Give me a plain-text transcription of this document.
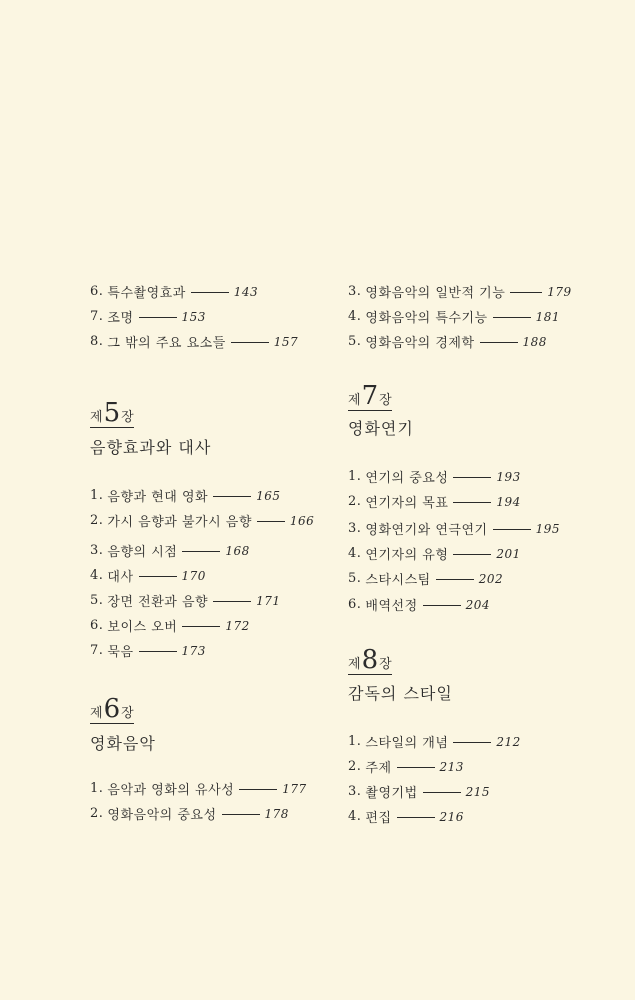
6. 특수촬영효과	143
7. 조명	153
8. 그 밖의 주요 요소들	157
제 5 장
음향효과와 대사
1. 음향과 현대 영화	165
2. 가시 음향과 불가시 음향	166
3. 음향의 시점	168
4. 대사	170
5. 장면 전환과 음향	171
6. 보이스 오버	172
7. 묵음	173
제 6 장
영화음악
1. 음악과 영화의 유사성	177
2. 영화음악의 중요성	178
3. 영화음악의 일반적 기능	179
4. 영화음악의 특수기능	181
5. 영화음악의 경제학	188
제 7 장
영화연기
1. 연기의 중요성	193
2. 연기자의 목표	194
3. 영화연기와 연극연기	195
4. 연기자의 유형	201
5. 스타시스팀	202
6. 배역선정	204
제 8 장
감독의 스타일
1. 스타일의 개념	212
2. 주제	213
3. 촬영기법	215
4. 편집	216
